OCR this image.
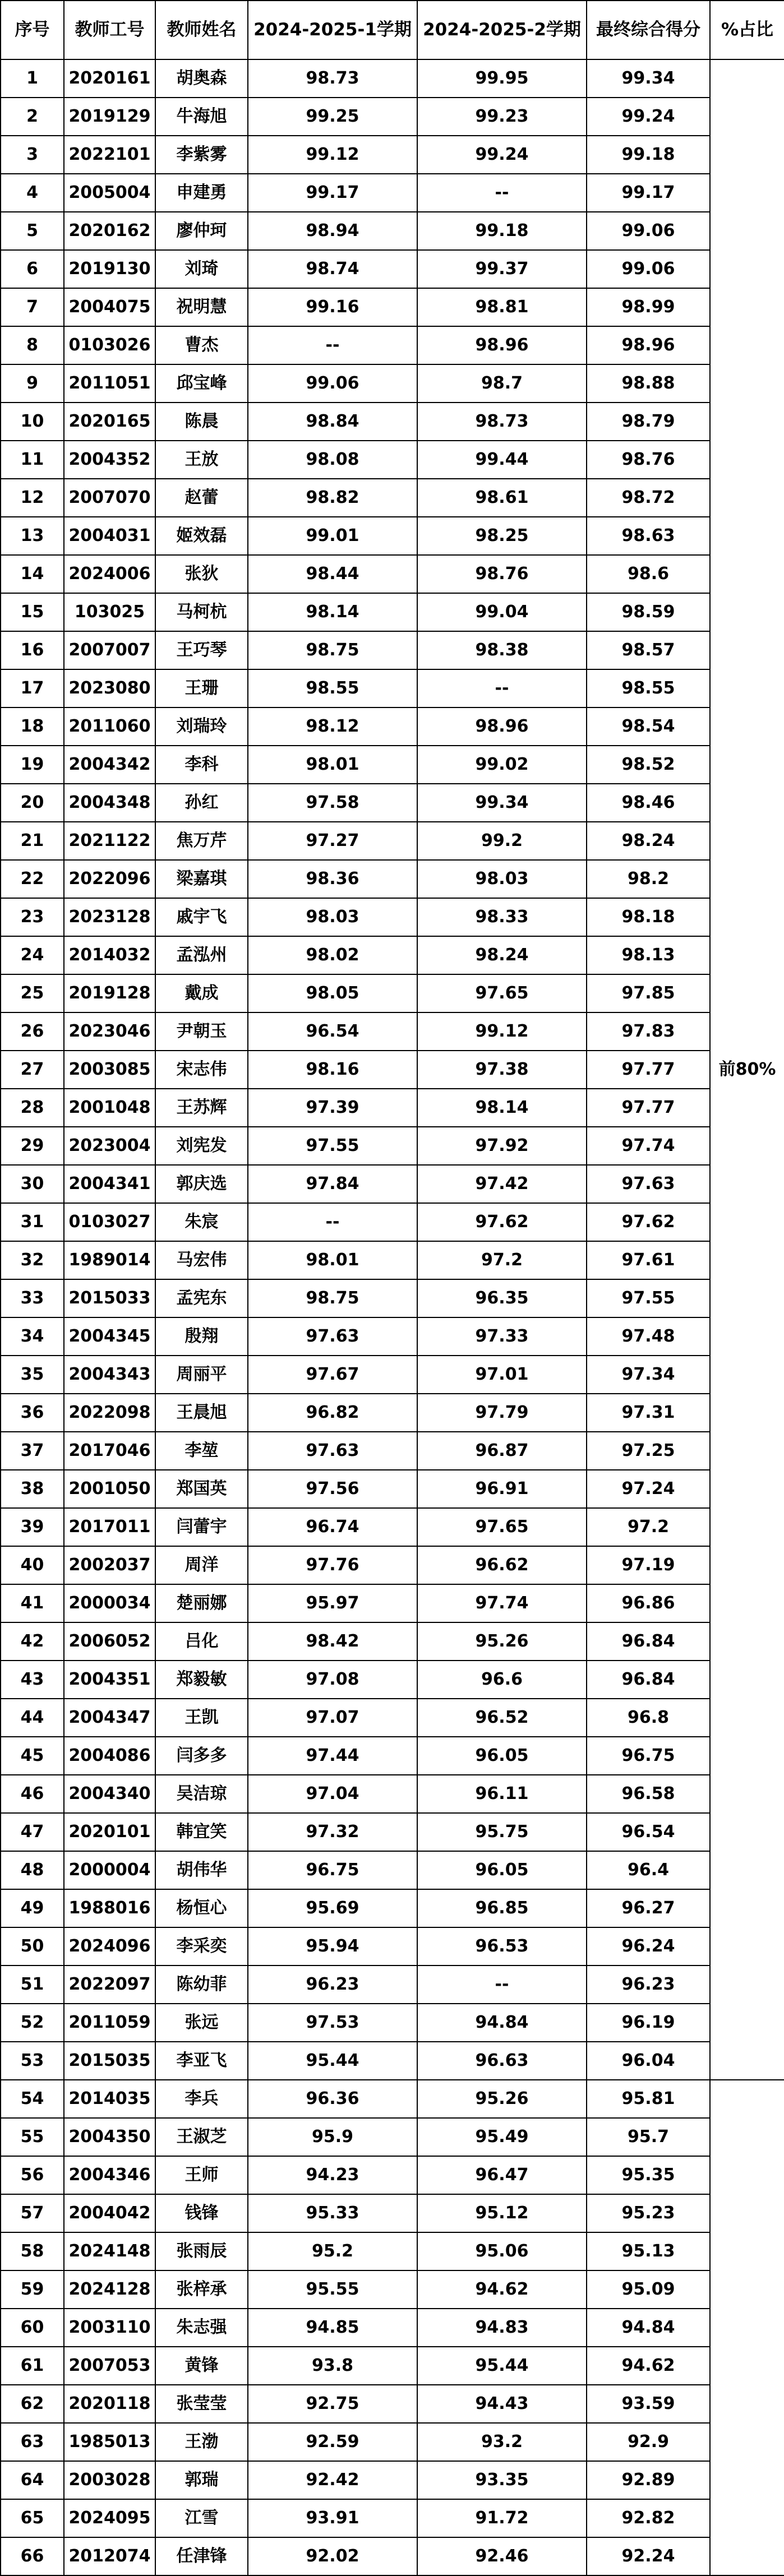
序号	教师工号	教师姓名	2024-2025-1学期	2024-2025-2学期	最终综合得分	%占比
1	2020161	胡奥森	98.73	99.95	99.34	前80%
2	2019129	牛海旭	99.25	99.23	99.24	
3	2022101	李紫雾	99.12	99.24	99.18	
4	2005004	申建勇	99.17	--	99.17	
5	2020162	廖仲珂	98.94	99.18	99.06	
6	2019130	刘琦	98.74	99.37	99.06	
7	2004075	祝明慧	99.16	98.81	98.99	
8	0103026	曹杰	--	98.96	98.96	
9	2011051	邱宝峰	99.06	98.7	98.88	
10	2020165	陈晨	98.84	98.73	98.79	
11	2004352	王放	98.08	99.44	98.76	
12	2007070	赵蕾	98.82	98.61	98.72	
13	2004031	姬效磊	99.01	98.25	98.63	
14	2024006	张狄	98.44	98.76	98.6	
15	103025	马柯杭	98.14	99.04	98.59	
16	2007007	王巧琴	98.75	98.38	98.57	
17	2023080	王珊	98.55	--	98.55	
18	2011060	刘瑞玲	98.12	98.96	98.54	
19	2004342	李科	98.01	99.02	98.52	
20	2004348	孙红	97.58	99.34	98.46	
21	2021122	焦万芹	97.27	99.2	98.24	
22	2022096	梁嘉琪	98.36	98.03	98.2	
23	2023128	戚宇飞	98.03	98.33	98.18	
24	2014032	孟泓州	98.02	98.24	98.13	
25	2019128	戴成	98.05	97.65	97.85	
26	2023046	尹朝玉	96.54	99.12	97.83	
27	2003085	宋志伟	98.16	97.38	97.77	
28	2001048	王苏辉	97.39	98.14	97.77	
29	2023004	刘宪发	97.55	97.92	97.74	
30	2004341	郭庆选	97.84	97.42	97.63	
31	0103027	朱宸	--	97.62	97.62	
32	1989014	马宏伟	98.01	97.2	97.61	
33	2015033	孟宪东	98.75	96.35	97.55	
34	2004345	殷翔	97.63	97.33	97.48	
35	2004343	周丽平	97.67	97.01	97.34	
36	2022098	王晨旭	96.82	97.79	97.31	
37	2017046	李堃	97.63	96.87	97.25	
38	2001050	郑国英	97.56	96.91	97.24	
39	2017011	闫蕾宇	96.74	97.65	97.2	
40	2002037	周洋	97.76	96.62	97.19	
41	2000034	楚丽娜	95.97	97.74	96.86	
42	2006052	吕化	98.42	95.26	96.84	
43	2004351	郑毅敏	97.08	96.6	96.84	
44	2004347	王凯	97.07	96.52	96.8	
45	2004086	闫多多	97.44	96.05	96.75	
46	2004340	吴洁琼	97.04	96.11	96.58	
47	2020101	韩宜笑	97.32	95.75	96.54	
48	2000004	胡伟华	96.75	96.05	96.4	
49	1988016	杨恒心	95.69	96.85	96.27	
50	2024096	李采奕	95.94	96.53	96.24	
51	2022097	陈幼菲	96.23	--	96.23	
52	2011059	张远	97.53	94.84	96.19	
53	2015035	李亚飞	95.44	96.63	96.04	
54	2014035	李兵	96.36	95.26	95.81	
55	2004350	王淑芝	95.9	95.49	95.7	
56	2004346	王师	94.23	96.47	95.35	
57	2004042	钱锋	95.33	95.12	95.23	
58	2024148	张雨辰	95.2	95.06	95.13	
59	2024128	张梓承	95.55	94.62	95.09	
60	2003110	朱志强	94.85	94.83	94.84	
61	2007053	黄锋	93.8	95.44	94.62	
62	2020118	张莹莹	92.75	94.43	93.59	
63	1985013	王渤	92.59	93.2	92.9	
64	2003028	郭瑞	92.42	93.35	92.89	
65	2024095	江雪	93.91	91.72	92.82	
66	2012074	任津锋	92.02	92.46	92.24	
